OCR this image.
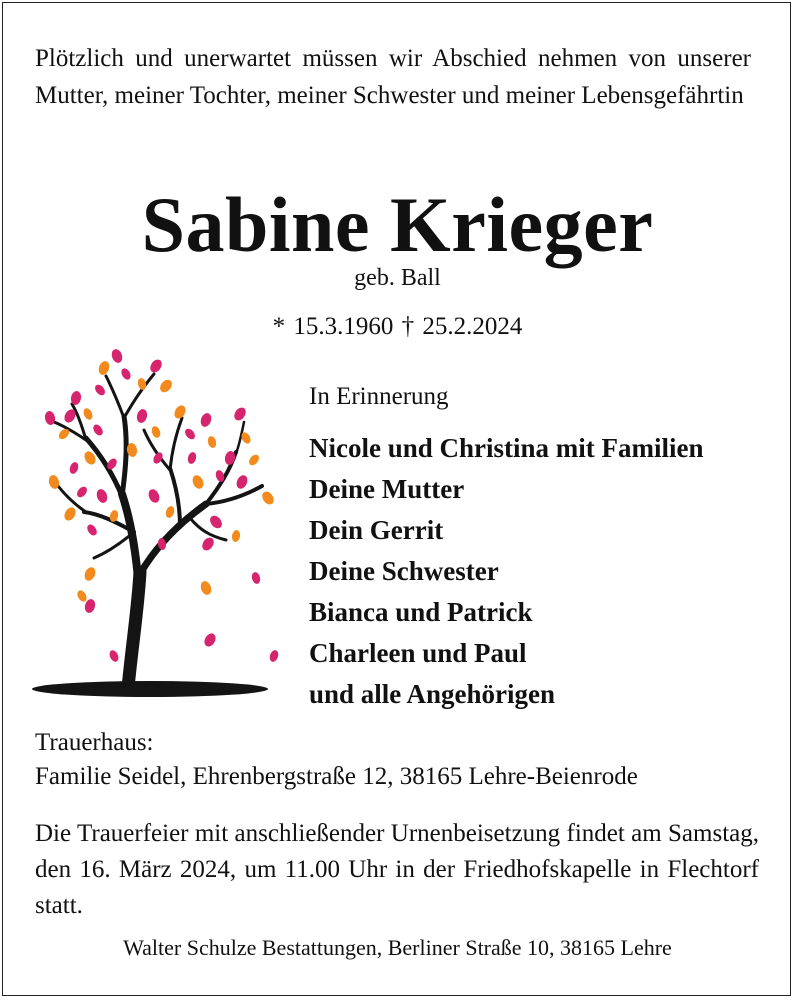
Plötzlich und unerwartet müssen wir Abschied nehmen von unserer Mutter, meiner Tochter, meiner Schwester und meiner Lebensgefährtin

Sabine Krieger
geb. Ball
* 15.3.1960 † 25.2.2024
In Erinnerung
Nicole und Christina mit Familien
Deine Mutter
Dein Gerrit
Deine Schwester
Bianca und Patrick
Charleen und Paul
und alle Angehörigen
Trauerhaus:
Familie Seidel, Ehrenbergstraße 12, 38165 Lehre-Beienrode

Die Trauerfeier mit anschließender Urnenbeisetzung findet am Samstag, den 16. März 2024, um 11.00 Uhr in der Friedhofskapelle in Flechtorf statt.

Walter Schulze Bestattungen, Berliner Straße 10, 38165 Lehre
